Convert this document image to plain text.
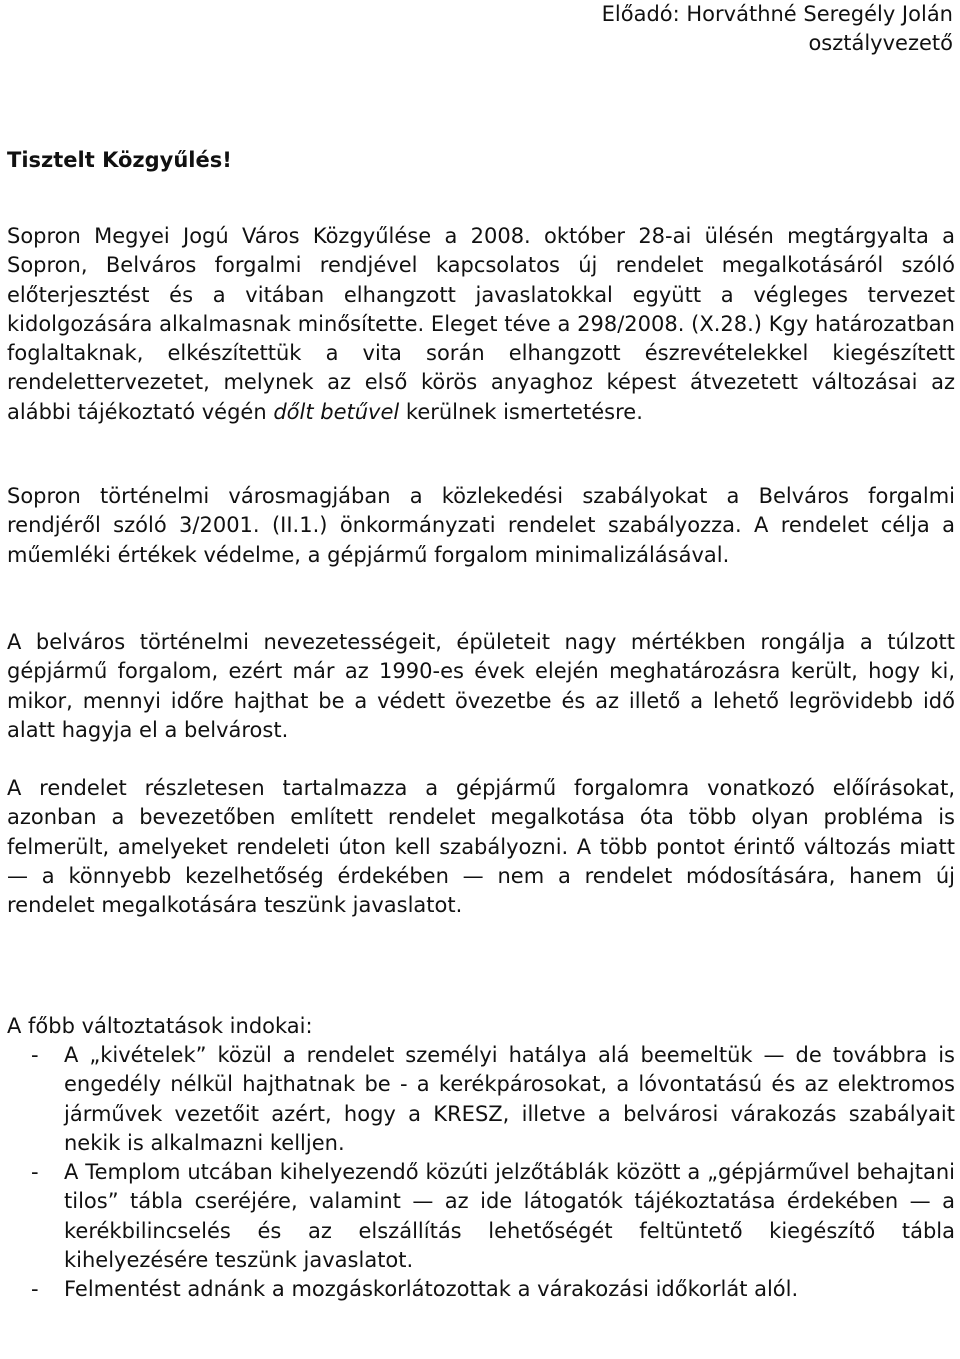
Előadó: Horváthné Seregély Jolán
osztályvezető

Tisztelt Közgyűlés!

Sopron Megyei Jogú Város Közgyűlése a 2008. október 28-ai ülésén megtárgyalta a Sopron, Belváros forgalmi rendjével kapcsolatos új rendelet megalkotásáról szóló előterjesztést és a vitában elhangzott javaslatokkal együtt a végleges tervezet kidolgozására alkalmasnak minősítette. Eleget téve a 298/2008. (X.28.) Kgy határozatban foglaltaknak, elkészítettük a vita során elhangzott észrevételekkel kiegészített rendelettervezetet, melynek az első körös anyaghoz képest átvezetett változásai az alábbi tájékoztató végén dőlt betűvel kerülnek ismertetésre.

Sopron történelmi városmagjában a közlekedési szabályokat a Belváros forgalmi rendjéről szóló 3/2001. (II.1.) önkormányzati rendelet szabályozza. A rendelet célja a műemléki értékek védelme, a gépjármű forgalom minimalizálásával.

A belváros történelmi nevezetességeit, épületeit nagy mértékben rongálja a túlzott gépjármű forgalom, ezért már az 1990-es évek elején meghatározásra került, hogy ki, mikor, mennyi időre hajthat be a védett övezetbe és az illető a lehető legrövidebb idő alatt hagyja el a belvárost.

A rendelet részletesen tartalmazza a gépjármű forgalomra vonatkozó előírásokat, azonban a bevezetőben említett rendelet megalkotása óta több olyan probléma is felmerült, amelyeket rendeleti úton kell szabályozni. A több pontot érintő változás miatt — a könnyebb kezelhetőség érdekében — nem a rendelet módosítására, hanem új rendelet megalkotására teszünk javaslatot.

A főbb változtatások indokai:

- A „kivételek” közül a rendelet személyi hatálya alá beemeltük — de továbbra is engedély nélkül hajthatnak be - a kerékpárosokat, a lóvontatású és az elektromos járművek vezetőit azért, hogy a KRESZ, illetve a belvárosi várakozás szabályait nekik is alkalmazni kelljen.
- A Templom utcában kihelyezendő közúti jelzőtáblák között a „gépjárművel behajtani tilos” tábla cseréjére, valamint — az ide látogatók tájékoztatása érdekében — a kerékbilincselés és az elszállítás lehetőségét feltüntető kiegészítő tábla kihelyezésére teszünk javaslatot.
- Felmentést adnánk a mozgáskorlátozottak a várakozási időkorlát alól.
